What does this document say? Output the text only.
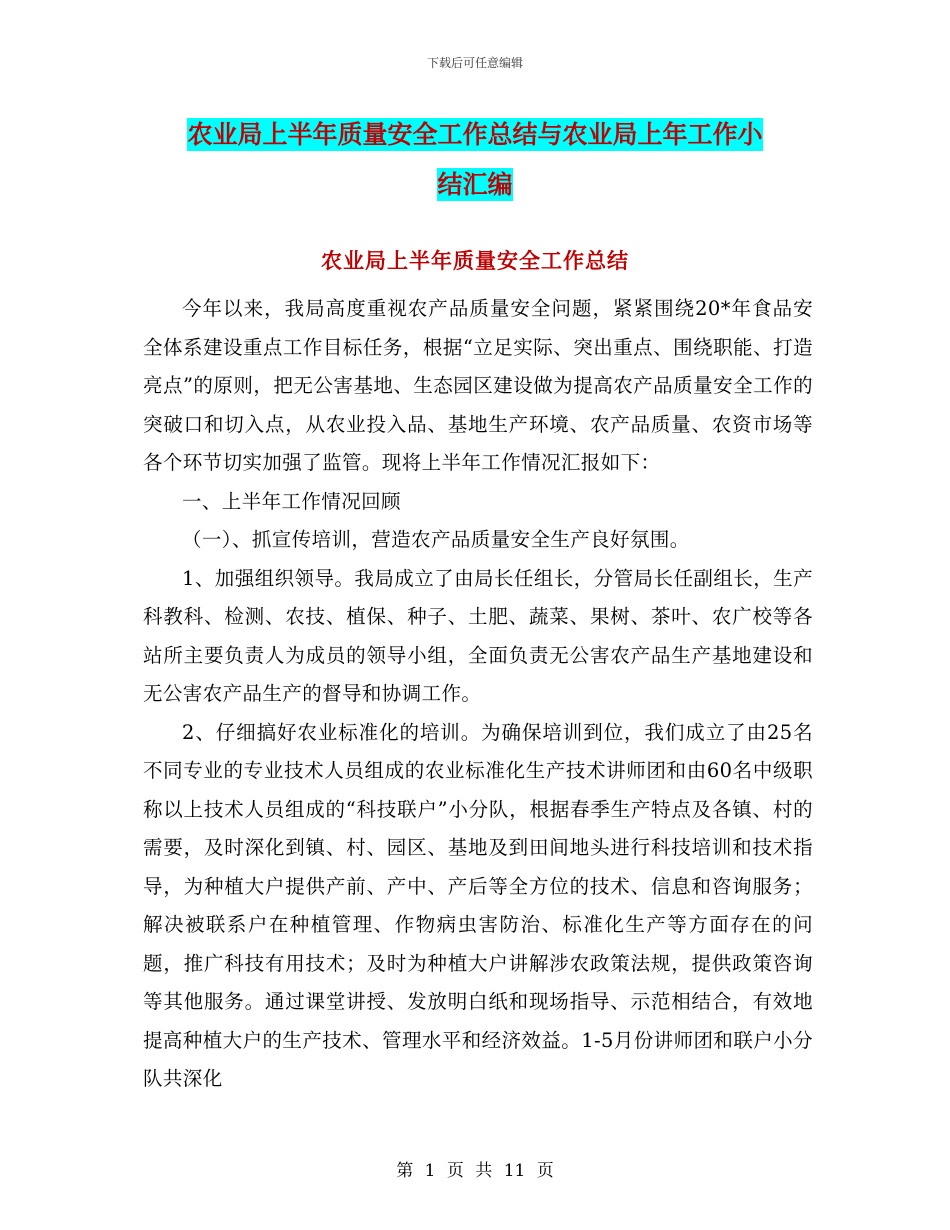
下载后可任意编辑
农业局上半年质量安全工作总结与农业局上年工作小
结汇编
农业局上半年质量安全工作总结

今年以来，我局高度重视农产品质量安全问题，紧紧围绕20*年食品安全体系建设重点工作目标任务，根据“立足实际、突出重点、围绕职能、打造亮点”的原则，把无公害基地、生态园区建设做为提高农产品质量安全工作的突破口和切入点，从农业投入品、基地生产环境、农产品质量、农资市场等各个环节切实加强了监管。现将上半年工作情况汇报如下：

一、上半年工作情况回顾

（一）、抓宣传培训，营造农产品质量安全生产良好氛围。

1、加强组织领导。我局成立了由局长任组长，分管局长任副组长，生产科教科、检测、农技、植保、种子、土肥、蔬菜、果树、茶叶、农广校等各站所主要负责人为成员的领导小组，全面负责无公害农产品生产基地建设和无公害农产品生产的督导和协调工作。

2、仔细搞好农业标准化的培训。为确保培训到位，我们成立了由25名不同专业的专业技术人员组成的农业标准化生产技术讲师团和由60名中级职称以上技术人员组成的“科技联户”小分队，根据春季生产特点及各镇、村的需要，及时深化到镇、村、园区、基地及到田间地头进行科技培训和技术指导，为种植大户提供产前、产中、产后等全方位的技术、信息和咨询服务；解决被联系户在种植管理、作物病虫害防治、标准化生产等方面存在的问题，推广科技有用技术；及时为种植大户讲解涉农政策法规，提供政策咨询等其他服务。通过课堂讲授、发放明白纸和现场指导、示范相结合，有效地提高种植大户的生产技术、管理水平和经济效益。1-5月份讲师团和联户小分队共深化

第 1 页 共 11 页
